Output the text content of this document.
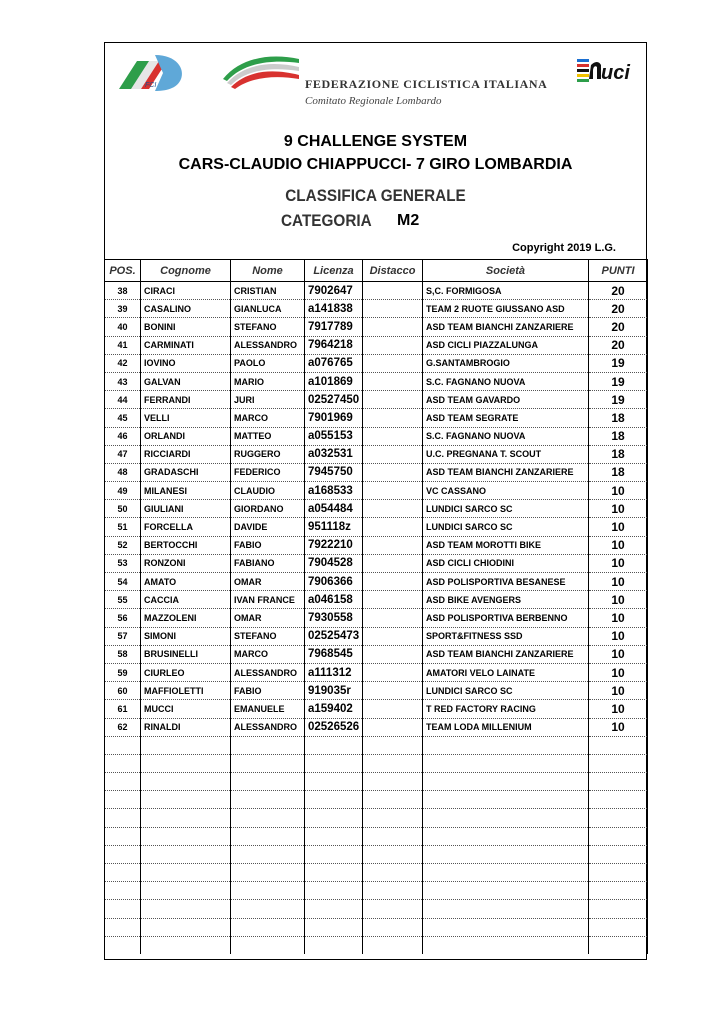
FCI	FEDERAZIONE CICLISTICA ITALIANA
Comitato Regionale Lombardo
uci
9 CHALLENGE SYSTEM
CARS-CLAUDIO CHIAPPUCCI- 7 GIRO LOMBARDIA
CLASSIFICA GENERALE
CATEGORIA M2
Copyright 2019 L.G.
POS.	Cognome	Nome	Licenza	Distacco	Società	PUNTI
38	CIRACI	CRISTIAN	7902647		S,C. FORMIGOSA	20
39	CASALINO	GIANLUCA	a141838		TEAM 2 RUOTE GIUSSANO ASD	20
40	BONINI	STEFANO	7917789		ASD TEAM BIANCHI ZANZARIERE	20
41	CARMINATI	ALESSANDRO	7964218		ASD CICLI PIAZZALUNGA	20
42	IOVINO	PAOLO	a076765		G.SANTAMBROGIO	19
43	GALVAN	MARIO	a101869		S.C. FAGNANO NUOVA	19
44	FERRANDI	JURI	02527450		ASD TEAM GAVARDO	19
45	VELLI	MARCO	7901969		ASD TEAM SEGRATE	18
46	ORLANDI	MATTEO	a055153		S.C. FAGNANO NUOVA	18
47	RICCIARDI	RUGGERO	a032531		U.C. PREGNANA T. SCOUT	18
48	GRADASCHI	FEDERICO	7945750		ASD TEAM BIANCHI ZANZARIERE	18
49	MILANESI	CLAUDIO	a168533		VC CASSANO	10
50	GIULIANI	GIORDANO	a054484		LUNDICI SARCO SC	10
51	FORCELLA	DAVIDE	951118z		LUNDICI SARCO SC	10
52	BERTOCCHI	FABIO	7922210		ASD TEAM MOROTTI BIKE	10
53	RONZONI	FABIANO	7904528		ASD CICLI CHIODINI	10
54	AMATO	OMAR	7906366		ASD POLISPORTIVA BESANESE	10
55	CACCIA	IVAN FRANCE	a046158		ASD BIKE AVENGERS	10
56	MAZZOLENI	OMAR	7930558		ASD POLISPORTIVA BERBENNO	10
57	SIMONI	STEFANO	02525473		SPORT&FITNESS SSD	10
58	BRUSINELLI	MARCO	7968545		ASD TEAM BIANCHI ZANZARIERE	10
59	CIURLEO	ALESSANDRO	a111312		AMATORI VELO LAINATE	10
60	MAFFIOLETTI	FABIO	919035r		LUNDICI SARCO SC	10
61	MUCCI	EMANUELE	a159402		T RED FACTORY RACING	10
62	RINALDI	ALESSANDRO	02526526		TEAM LODA MILLENIUM	10
